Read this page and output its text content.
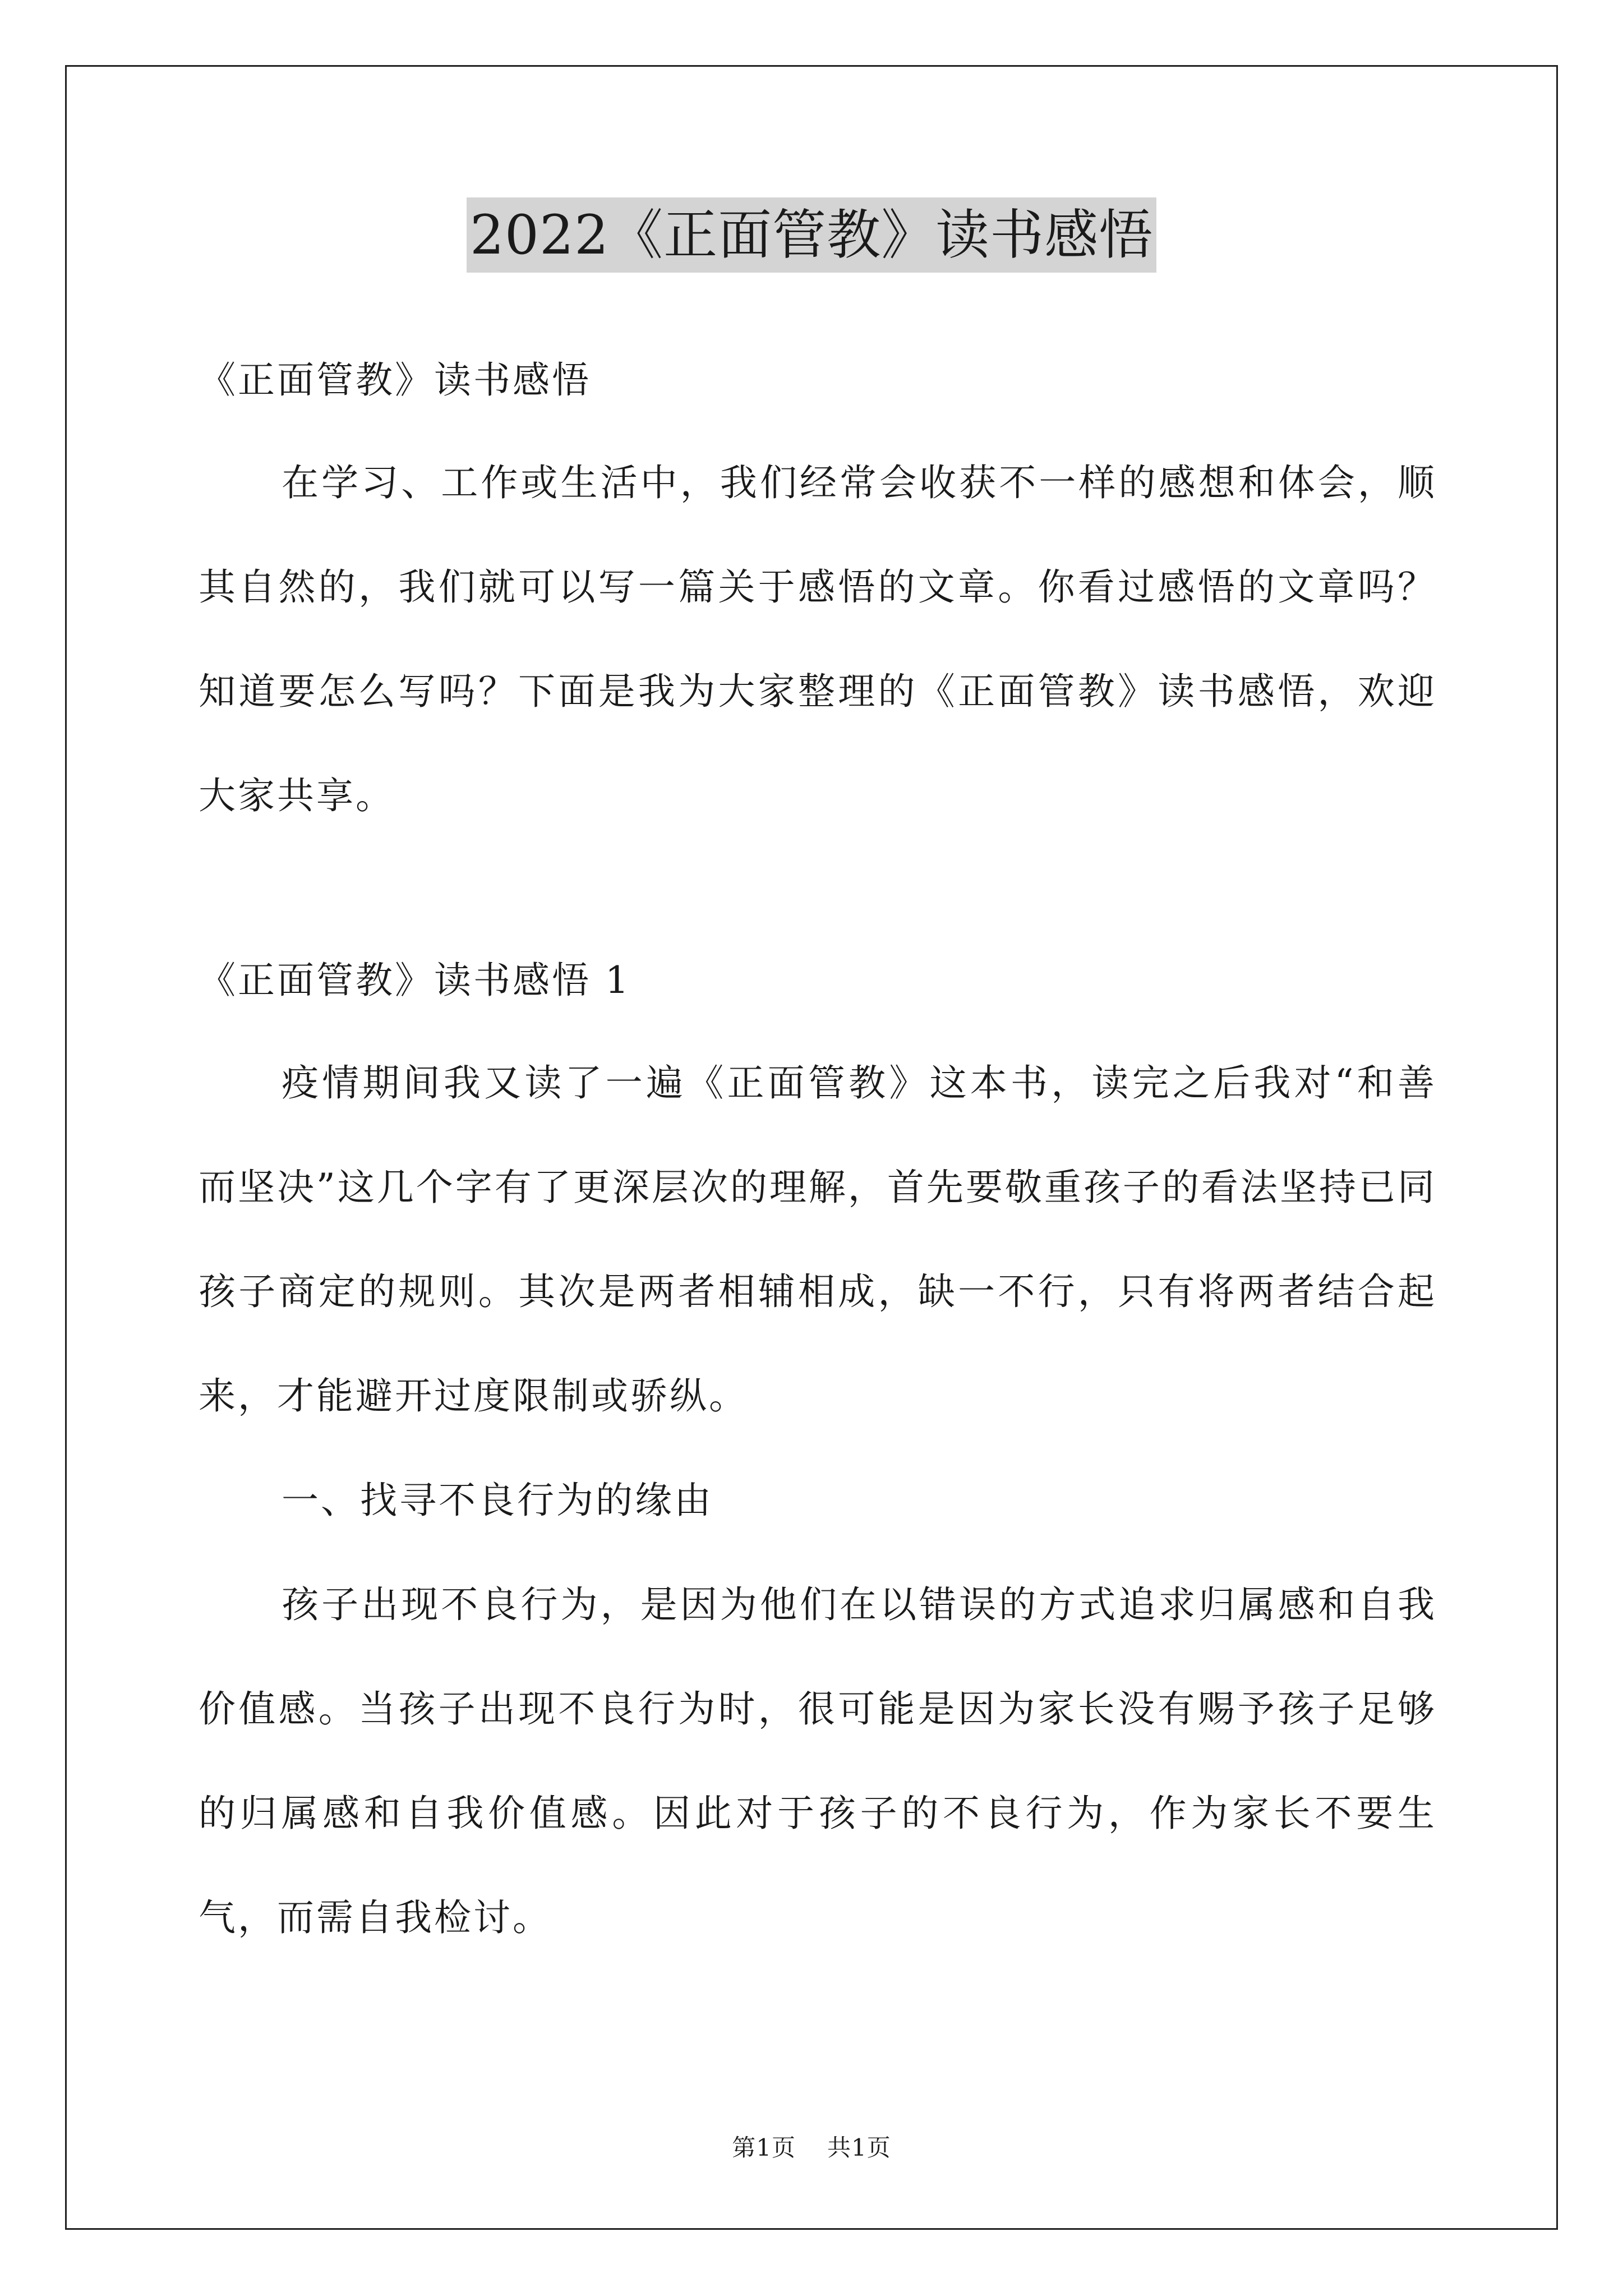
2022《正面管教》读书感悟

《正面管教》读书感悟

在学习、工作或生活中，我们经常会收获不一样的感想和体会，顺其自然的，我们就可以写一篇关于感悟的文章。你看过感悟的文章吗？知道要怎么写吗？下面是我为大家整理的《正面管教》读书感悟，欢迎大家共享。

《正面管教》读书感悟 1

疫情期间我又读了一遍《正面管教》这本书，读完之后我对“和善而坚决”这几个字有了更深层次的理解，首先要敬重孩子的看法坚持已同孩子商定的规则。其次是两者相辅相成，缺一不行，只有将两者结合起来，才能避开过度限制或骄纵。

一、找寻不良行为的缘由

孩子出现不良行为，是因为他们在以错误的方式追求归属感和自我价值感。当孩子出现不良行为时，很可能是因为家长没有赐予孩子足够的归属感和自我价值感。因此对于孩子的不良行为，作为家长不要生气，而需自我检讨。

第1页 共1页
